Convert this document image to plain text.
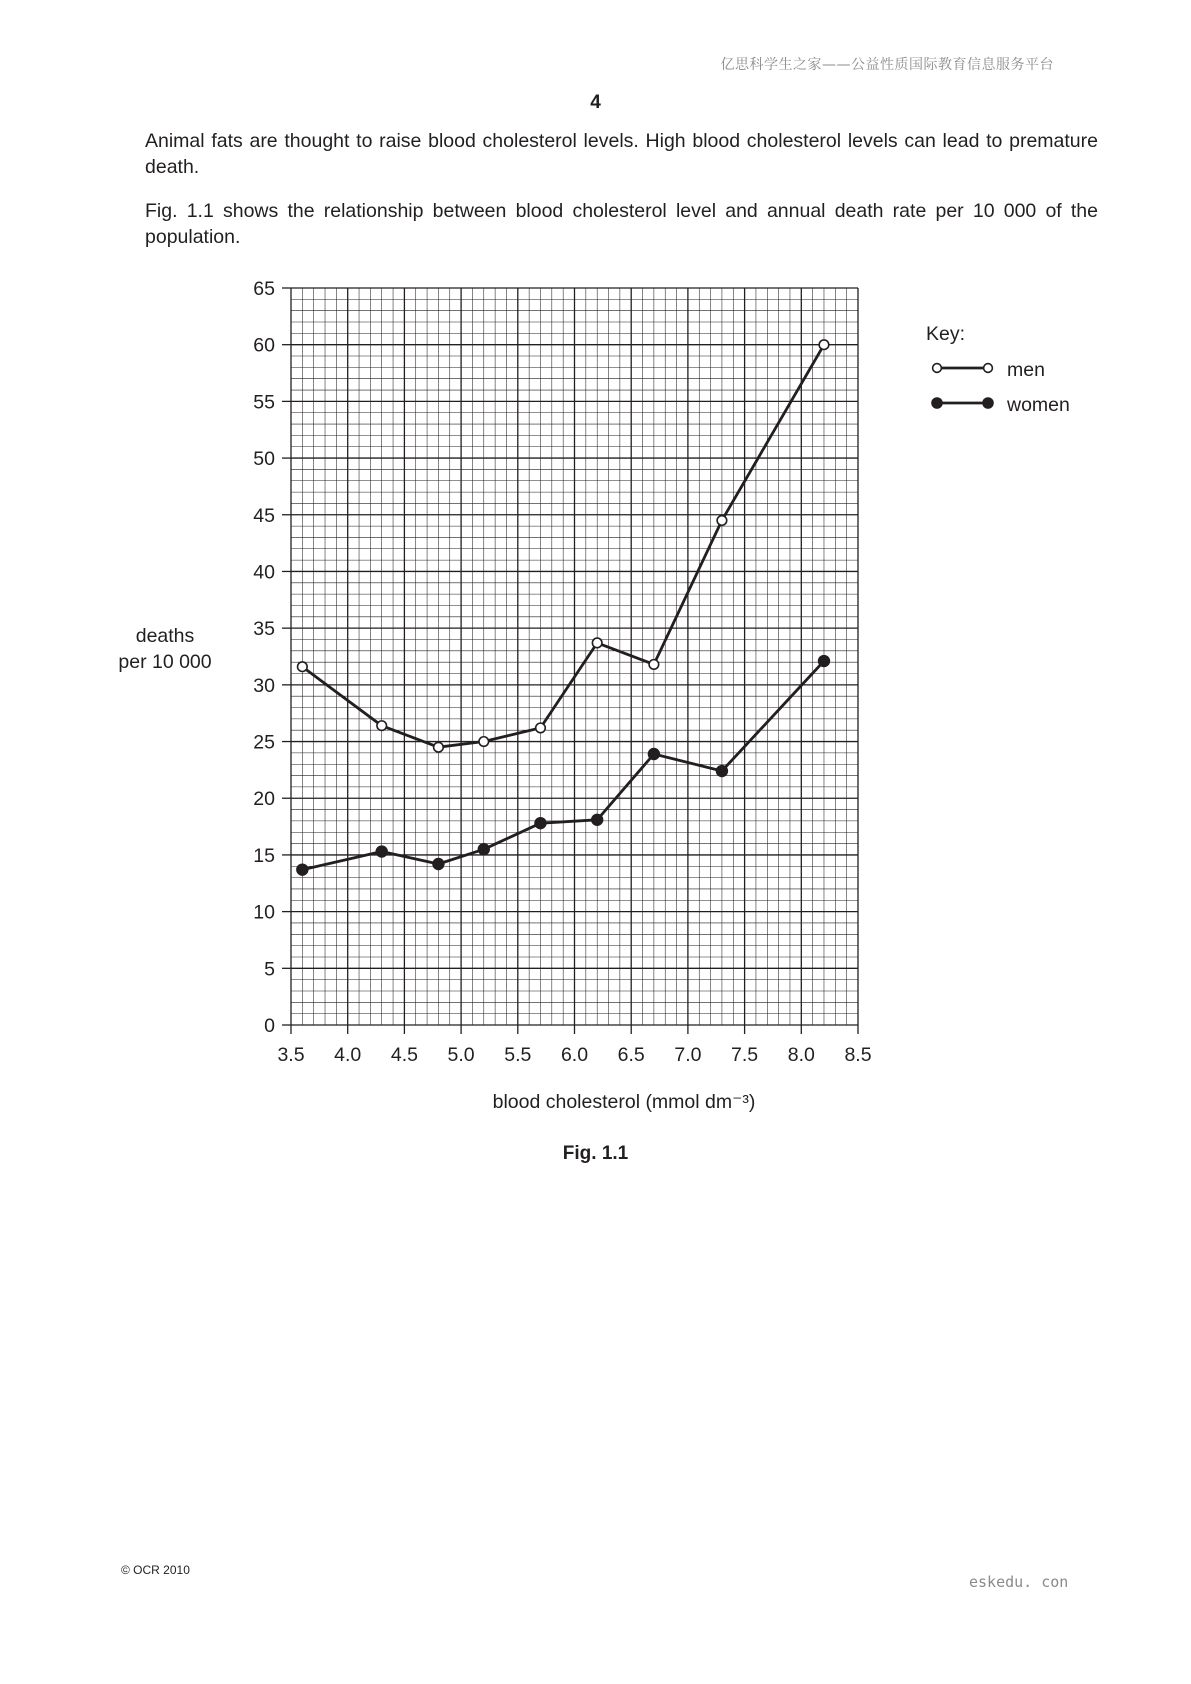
亿思科学生之家——公益性质国际教育信息服务平台
4
Animal fats are thought to raise blood cholesterol levels. High blood cholesterol levels can lead to premature death.
Fig. 1.1 shows the relationship between blood cholesterol level and annual death rate per 10 000 of the population.
0
5
10
15
20
25
30
35
40
45
50
55
60
65
3.5 4.0 4.5 5.0 5.5 6.0 6.5 7.0 7.5 8.0 8.5
blood cholesterol (mmol dm⁻³)
deaths
per 10 000
Key:
men
women
Fig. 1.1
© OCR 2010
eskedu. con
